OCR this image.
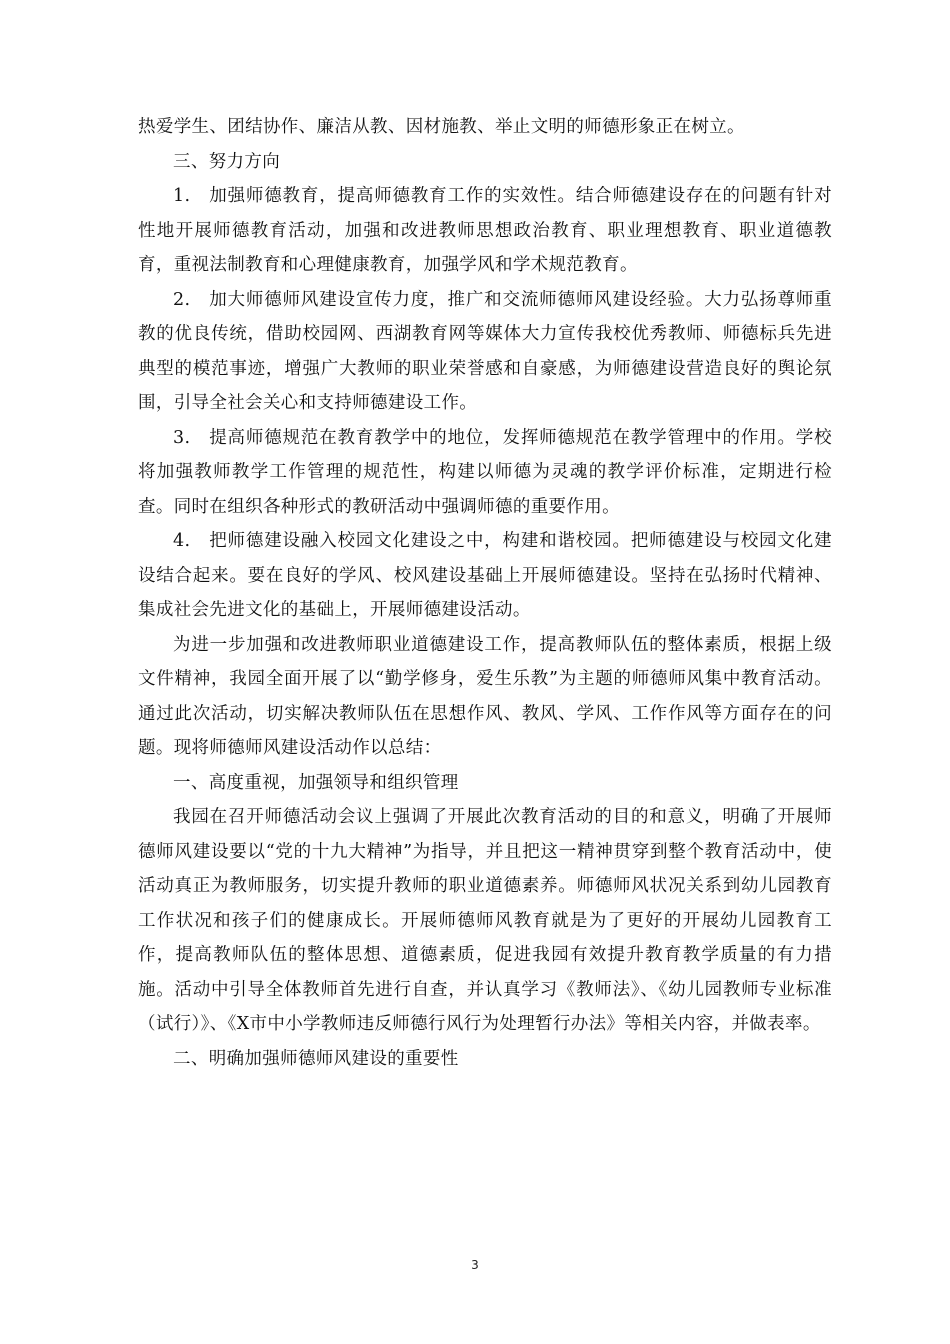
热爱学生、团结协作、廉洁从教、因材施教、举止文明的师德形象正在树立。

三、努力方向

1.　加强师德教育，提高师德教育工作的实效性。结合师德建设存在的问题有针对性地开展师德教育活动，加强和改进教师思想政治教育、职业理想教育、职业道德教育，重视法制教育和心理健康教育，加强学风和学术规范教育。

2.　加大师德师风建设宣传力度，推广和交流师德师风建设经验。大力弘扬尊师重教的优良传统，借助校园网、西湖教育网等媒体大力宣传我校优秀教师、师德标兵先进典型的模范事迹，增强广大教师的职业荣誉感和自豪感，为师德建设营造良好的舆论氛围，引导全社会关心和支持师德建设工作。

3.　提高师德规范在教育教学中的地位，发挥师德规范在教学管理中的作用。学校将加强教师教学工作管理的规范性，构建以师德为灵魂的教学评价标准，定期进行检查。同时在组织各种形式的教研活动中强调师德的重要作用。

4.　把师德建设融入校园文化建设之中，构建和谐校园。把师德建设与校园文化建设结合起来。要在良好的学风、校风建设基础上开展师德建设。坚持在弘扬时代精神、集成社会先进文化的基础上，开展师德建设活动。

为进一步加强和改进教师职业道德建设工作，提高教师队伍的整体素质，根据上级文件精神，我园全面开展了以“勤学修身，爱生乐教”为主题的师德师风集中教育活动。通过此次活动，切实解决教师队伍在思想作风、教风、学风、工作作风等方面存在的问题。现将师德师风建设活动作以总结：

一、高度重视，加强领导和组织管理

我园在召开师德活动会议上强调了开展此次教育活动的目的和意义，明确了开展师德师风建设要以“党的十九大精神”为指导，并且把这一精神贯穿到整个教育活动中，使活动真正为教师服务，切实提升教师的职业道德素养。师德师风状况关系到幼儿园教育工作状况和孩子们的健康成长。开展师德师风教育就是为了更好的开展幼儿园教育工作，提高教师队伍的整体思想、道德素质，促进我园有效提升教育教学质量的有力措施。活动中引导全体教师首先进行自查，并认真学习《教师法》、《幼儿园教师专业标准（试行）》、《X市中小学教师违反师德行风行为处理暂行办法》等相关内容，并做表率。

二、明确加强师德师风建设的重要性

3
